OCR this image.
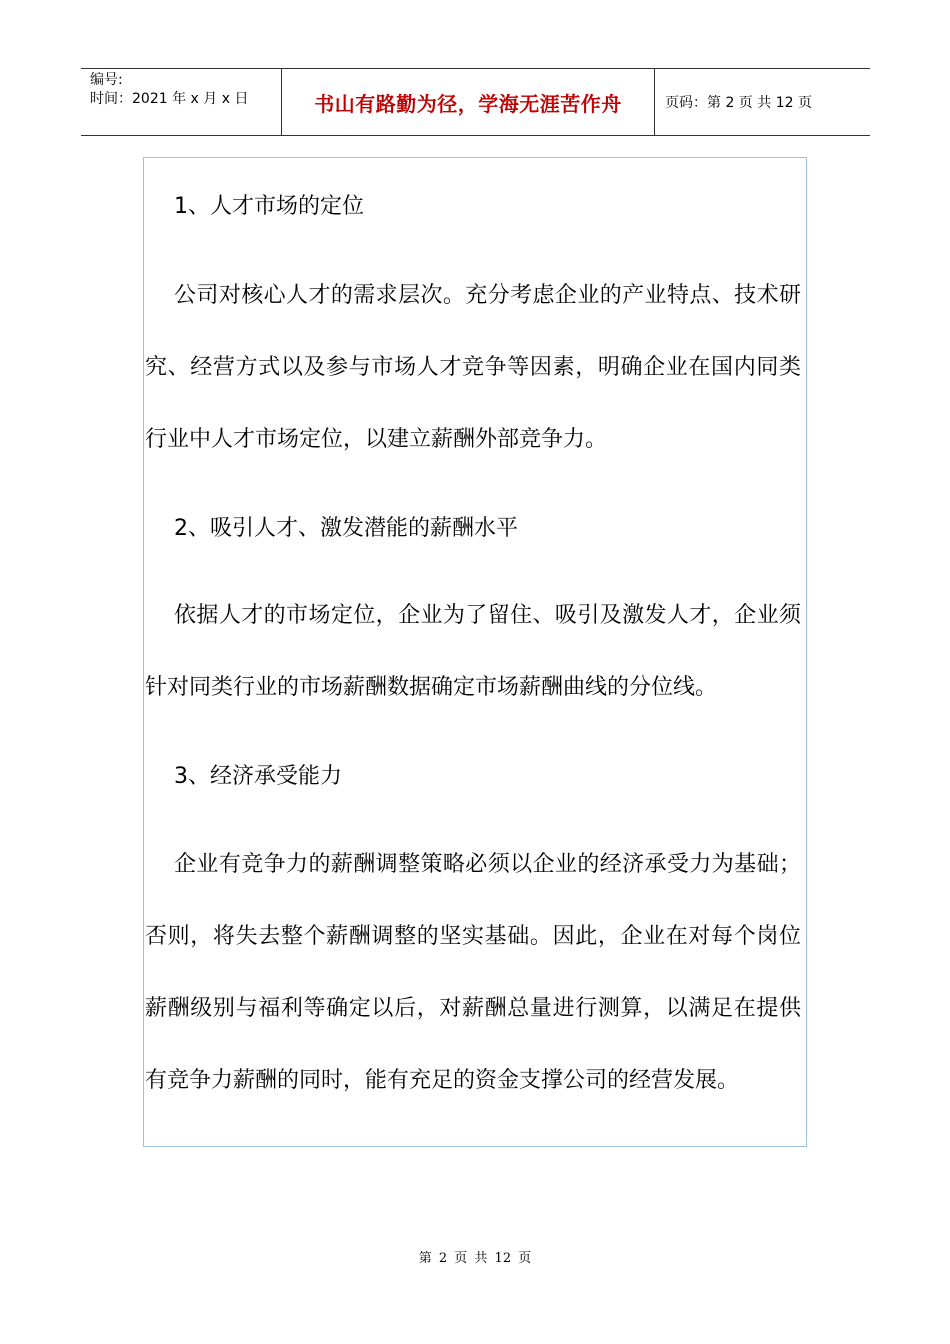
编号:
时间：2021 年 x 月 x 日	书山有路勤为径，学海无涯苦作舟	页码：第 2 页 共 12 页

1、人才市场的定位

公司对核心人才的需求层次。充分考虑企业的产业特点、技术研究、经营方式以及参与市场人才竞争等因素，明确企业在国内同类行业中人才市场定位，以建立薪酬外部竞争力。

2、吸引人才、激发潜能的薪酬水平

依据人才的市场定位，企业为了留住、吸引及激发人才，企业须针对同类行业的市场薪酬数据确定市场薪酬曲线的分位线。

3、经济承受能力

企业有竞争力的薪酬调整策略必须以企业的经济承受力为基础；否则，将失去整个薪酬调整的坚实基础。因此，企业在对每个岗位薪酬级别与福利等确定以后，对薪酬总量进行测算，以满足在提供有竞争力薪酬的同时，能有充足的资金支撑公司的经营发展。

第 2 页 共 12 页
